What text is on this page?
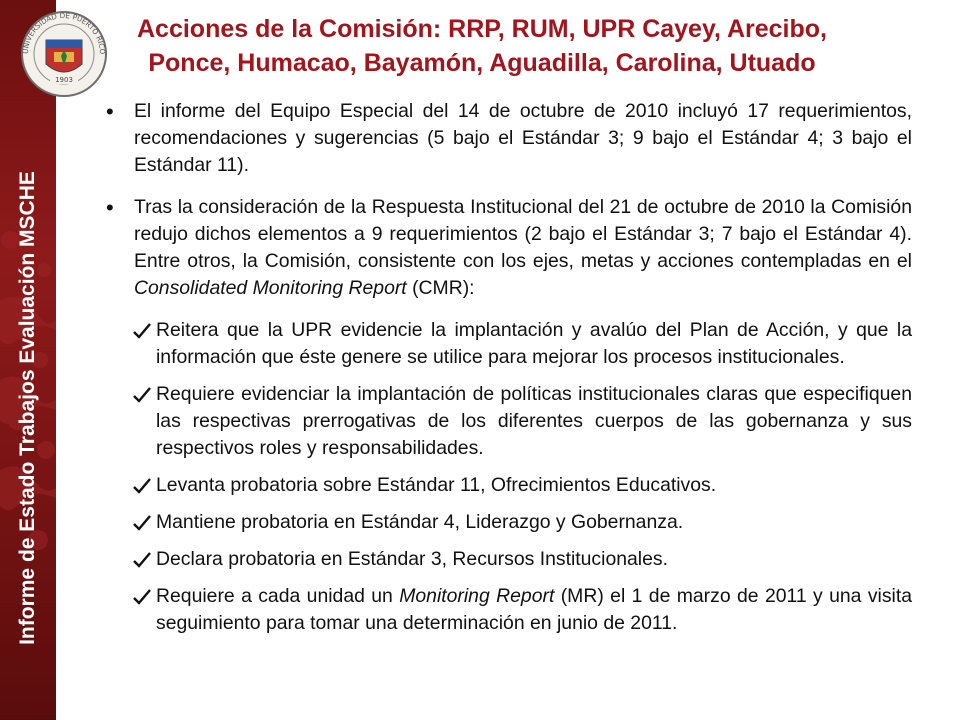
Informe de Estado Trabajos Evaluación MSCHE
UNIVERSIDAD DE PUERTO RICO
1903
Acciones de la Comisión: RRP, RUM, UPR Cayey, Arecibo,
Ponce, Humacao, Bayamón, Aguadilla, Carolina, Utuado

• El informe del Equipo Especial del 14 de octubre de 2010 incluyó 17 requerimientos, recomendaciones y sugerencias (5 bajo el Estándar 3; 9 bajo el Estándar 4; 3 bajo el Estándar 11).

• Tras la consideración de la Respuesta Institucional del 21 de octubre de 2010 la Comisión redujo dichos elementos a 9 requerimientos (2 bajo el Estándar 3; 7 bajo el Estándar 4). Entre otros, la Comisión, consistente con los ejes, metas y acciones contempladas en el Consolidated Monitoring Report (CMR):

Reitera que la UPR evidencie la implantación y avalúo del Plan de Acción, y que la información que éste genere se utilice para mejorar los procesos institucionales.

Requiere evidenciar la implantación de políticas institucionales claras que especifiquen las respectivas prerrogativas de los diferentes cuerpos de las gobernanza y sus respectivos roles y responsabilidades.

Levanta probatoria sobre Estándar 11, Ofrecimientos Educativos.

Mantiene probatoria en Estándar 4, Liderazgo y Gobernanza.

Declara probatoria en Estándar 3, Recursos Institucionales.

Requiere a cada unidad un Monitoring Report (MR) el 1 de marzo de 2011 y una visita seguimiento para tomar una determinación en junio de 2011.
